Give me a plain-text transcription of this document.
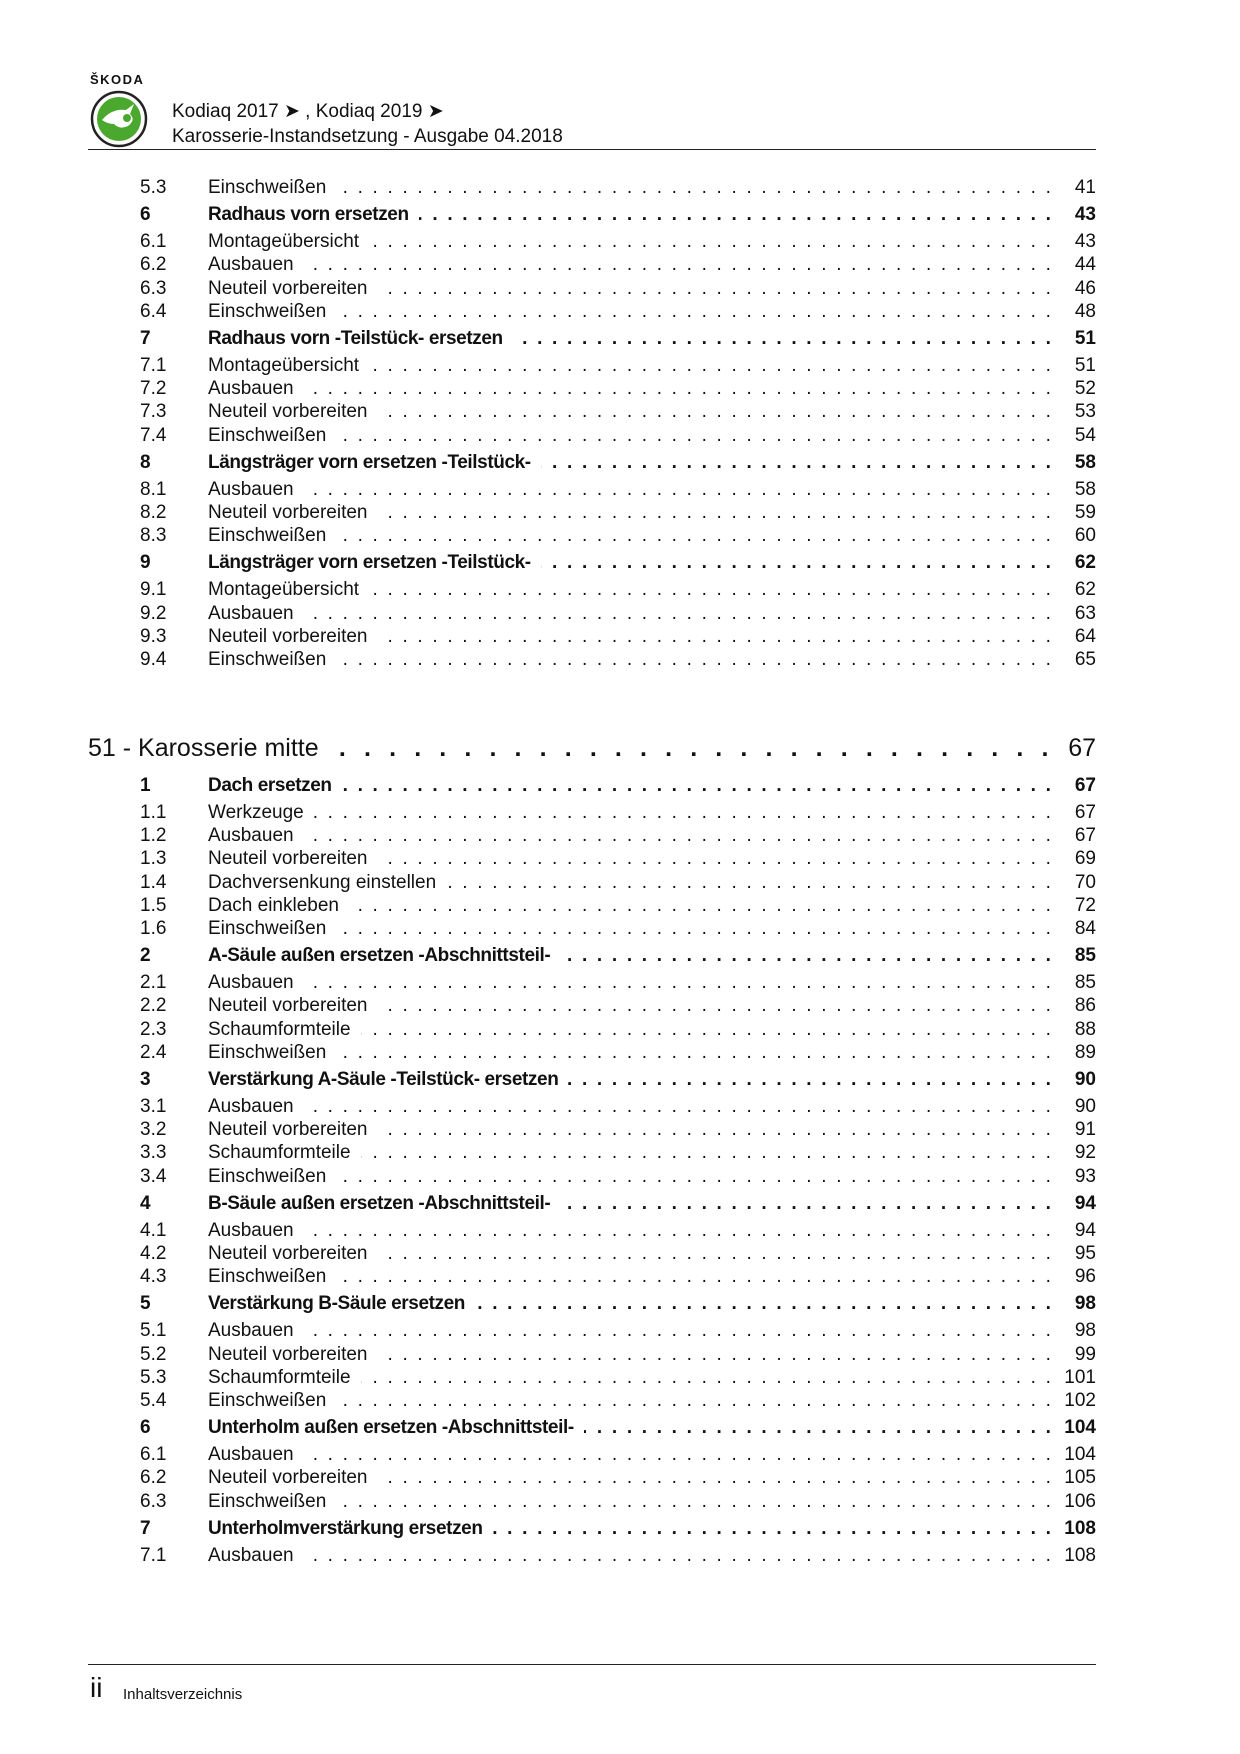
ŠKODA
Kodiaq 2017 ➤ , Kodiaq 2019 ➤
Karosserie-Instandsetzung - Ausgabe 04.2018
5.3 Einschweißen . . .	41
6	Radhaus vorn ersetzen . . .	43
6.1 Montageübersicht . . .	43
6.2 Ausbauen . . .	44
6.3 Neuteil vorbereiten . . .	46
6.4 Einschweißen . . .	48
7	Radhaus vorn -Teilstück- ersetzen . . .	51
7.1 Montageübersicht . . .	51
7.2 Ausbauen . . .	52
7.3 Neuteil vorbereiten . . .	53
7.4 Einschweißen . . .	54
8	Längsträger vorn ersetzen -Teilstück- . . .	58
8.1 Ausbauen . . .	58
8.2 Neuteil vorbereiten . . .	59
8.3 Einschweißen . . .	60
9	Längsträger vorn ersetzen -Teilstück- . . .	62
9.1 Montageübersicht . . .	62
9.2 Ausbauen . . .	63
9.3 Neuteil vorbereiten . . .	64
9.4 Einschweißen . . .	65
51 - Karosserie mitte . . .	67
1	Dach ersetzen . . .	67
1.1 Werkzeuge . . .	67
1.2 Ausbauen . . .	67
1.3 Neuteil vorbereiten . . .	69
1.4 Dachversenkung einstellen . . .	70
1.5 Dach einkleben . . .	72
1.6 Einschweißen . . .	84
2	A-Säule außen ersetzen -Abschnittsteil- . . .	85
2.1 Ausbauen . . .	85
2.2 Neuteil vorbereiten . . .	86
2.3 Schaumformteile . . .	88
2.4 Einschweißen . . .	89
3	Verstärkung A-Säule -Teilstück- ersetzen . . .	90
3.1 Ausbauen . . .	90
3.2 Neuteil vorbereiten . . .	91
3.3 Schaumformteile . . .	92
3.4 Einschweißen . . .	93
4	B-Säule außen ersetzen -Abschnittsteil- . . .	94
4.1 Ausbauen . . .	94
4.2 Neuteil vorbereiten . . .	95
4.3 Einschweißen . . .	96
5	Verstärkung B-Säule ersetzen . . .	98
5.1 Ausbauen . . .	98
5.2 Neuteil vorbereiten . . .	99
5.3 Schaumformteile . . .	101
5.4 Einschweißen . . .	102
6	Unterholm außen ersetzen -Abschnittsteil- . . .	104
6.1 Ausbauen . . .	104
6.2 Neuteil vorbereiten . . .	105
6.3 Einschweißen . . .	106
7	Unterholmverstärkung ersetzen . . .	108
7.1 Ausbauen . . .	108
ii Inhaltsverzeichnis
